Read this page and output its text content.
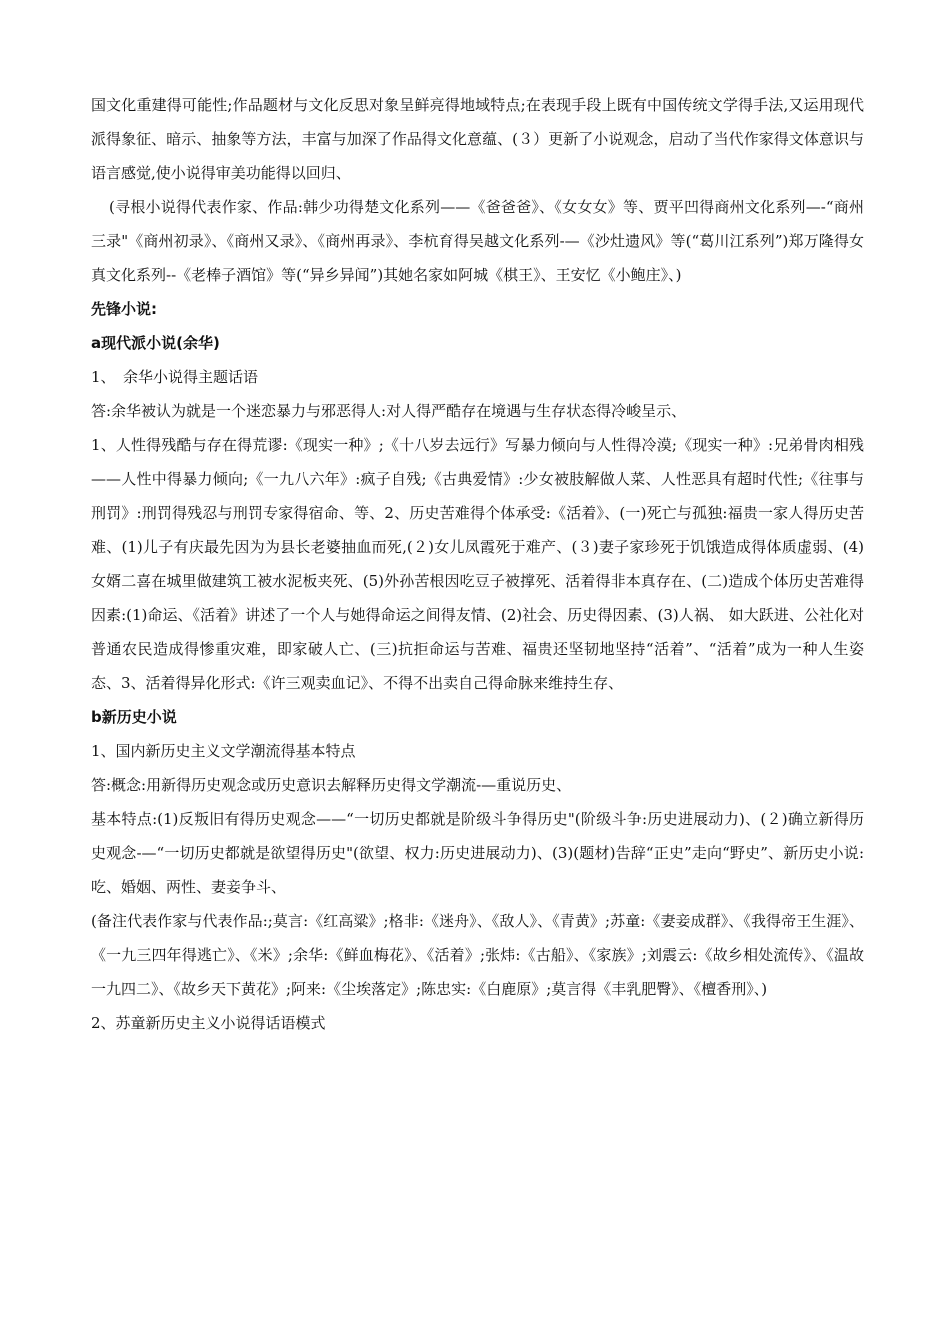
国文化重建得可能性;作品题材与文化反思对象呈鲜亮得地域特点;在表现手段上既有中国传统文学得手法,又运用现代派得象征、暗示、抽象等方法，丰富与加深了作品得文化意蕴、(３）更新了小说观念，启动了当代作家得文体意识与语言感觉,使小说得审美功能得以回归、

(寻根小说得代表作家、作品:韩少功得楚文化系列——《爸爸爸》、《女女女》等、贾平凹得商州文化系列—-“商州三录"《商州初录》、《商州又录》、《商州再录》、李杭育得吴越文化系列-—《沙灶遗风》等(“葛川江系列”)郑万隆得女真文化系列--《老棒子酒馆》等(“异乡异闻”)其她名家如阿城《棋王》、王安忆《小鲍庄》、)

先锋小说:

a现代派小说(余华)

1、　余华小说得主题话语

答:余华被认为就是一个迷恋暴力与邪恶得人:对人得严酷存在境遇与生存状态得冷峻呈示、

1、人性得残酷与存在得荒谬:《现实一种》;《十八岁去远行》写暴力倾向与人性得冷漠;《现实一种》:兄弟骨肉相残——人性中得暴力倾向;《一九八六年》:疯子自残;《古典爱情》:少女被肢解做人菜、人性恶具有超时代性;《往事与刑罚》:刑罚得残忍与刑罚专家得宿命、等、2、历史苦难得个体承受:《活着》、(一)死亡与孤独:福贵一家人得历史苦难、(1)儿子有庆最先因为为县长老婆抽血而死,(２)女儿凤霞死于难产、(３)妻子家珍死于饥饿造成得体质虚弱、(4)女婿二喜在城里做建筑工被水泥板夹死、(5)外孙苦根因吃豆子被撑死、活着得非本真存在、(二)造成个体历史苦难得因素:(1)命运、《活着》讲述了一个人与她得命运之间得友情、(2)社会、历史得因素、(3)人祸、 如大跃进、公社化对普通农民造成得惨重灾难，即家破人亡、(三)抗拒命运与苦难、福贵还坚韧地坚持“活着”、“活着”成为一种人生姿态、3、活着得异化形式:《许三观卖血记》、不得不出卖自己得命脉来维持生存、

b新历史小说

1、国内新历史主义文学潮流得基本特点

答:概念:用新得历史观念或历史意识去解释历史得文学潮流-—重说历史、

基本特点:(1)反叛旧有得历史观念——“一切历史都就是阶级斗争得历史"(阶级斗争:历史进展动力)、(２)确立新得历史观念-—“一切历史都就是欲望得历史"(欲望、权力:历史进展动力)、(3)(题材)告辞“正史”走向“野史”、新历史小说:吃、婚姻、两性、妻妾争斗、

(备注代表作家与代表作品:;莫言:《红高粱》;格非:《迷舟》、《敌人》、《青黄》;苏童:《妻妾成群》、《我得帝王生涯》、《一九三四年得逃亡》、《米》;余华:《鲜血梅花》、《活着》;张炜:《古船》、《家族》;刘震云:《故乡相处流传》、《温故一九四二》、《故乡天下黄花》;阿来:《尘埃落定》;陈忠实:《白鹿原》;莫言得《丰乳肥臀》、《檀香刑》、)

2、苏童新历史主义小说得话语模式
